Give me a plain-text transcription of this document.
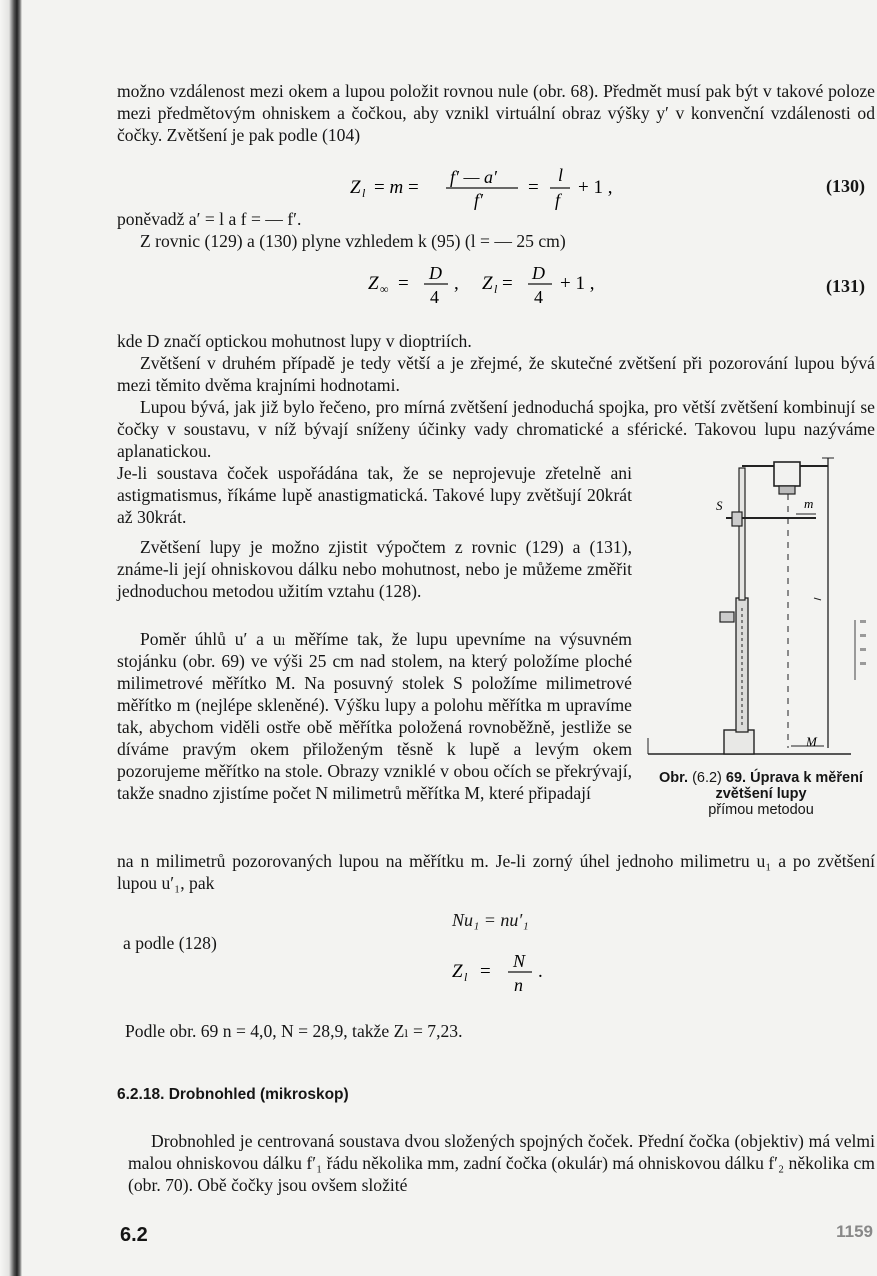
možno vzdálenost mezi okem a lupou položit rovnou nule (obr. 68). Předmět musí pak být v takové poloze mezi předmětovým ohniskem a čočkou, aby vznikl virtuální obraz výšky y′ v konvenční vzdálenosti od čočky. Zvětšení je pak podle (104)

Z l = m = f′ — a′
f′
=
l
f
+ 1 ,	(130)

poněvadž a′ = l a f = — f′.

Z rovnic (129) a (130) plyne vzhledem k (95) (l = — 25 cm)

Z ∞ = D
4
, Z l = D
4
+ 1 ,	(131)

kde D značí optickou mohutnost lupy v dioptriích.

Zvětšení v druhém případě je tedy větší a je zřejmé, že skutečné zvětšení při pozorování lupou bývá mezi těmito dvěma krajními hodnotami.

Lupou bývá, jak již bylo řečeno, pro mírná zvětšení jednoduchá spojka, pro větší zvětšení kombinují se čočky v soustavu, v níž bývají sníženy účinky vady chromatické a sférické. Takovou lupu nazýváme aplanatickou.

Je-li soustava čoček uspořádána tak, že se neprojevuje zřetelně ani astigmatismus, říkáme lupě anastigmatická. Takové lupy zvětšují 20krát až 30krát.

Zvětšení lupy je možno zjistit výpočtem z rovnic (129) a (131), známe-li její ohniskovou dálku nebo mohutnost, nebo je můžeme změřit jednoduchou metodou užitím vztahu (128).

Poměr úhlů u′ a uₗ měříme tak, že lupu upevníme na výsuvném stojánku (obr. 69) ve výši 25 cm nad stolem, na který položíme ploché milimetrové měřítko M. Na posuvný stolek S položíme milimetrové měřítko m (nejlépe skleněné). Výšku lupy a polohu měřítka m upravíme tak, abychom viděli ostře obě měřítka položená rovnoběžně, jestliže se díváme pravým okem přiloženým těsně k lupě a levým okem pozorujeme měřítko na stole. Obrazy vzniklé v obou očích se překrývají, takže snadno zjistíme počet N milimetrů měřítka M, které připadají

na n milimetrů pozorovaných lupou na měřítku m. Je-li zorný úhel jednoho milimetru u₁ a po zvětšení lupou u′₁, pak

Nu₁ = nu′₁

a podle (128)

Z l = N
n
.

Podle obr. 69 n = 4,0, N = 28,9, takže Zₗ = 7,23.

6.2.18. Drobnohled (mikroskop)

Drobnohled je centrovaná soustava dvou složených spojných čoček. Přední čočka (objektiv) má velmi malou ohniskovou dálku f′₁ řádu několika mm, zadní čočka (okulár) má ohniskovou dálku f′₂ několika cm (obr. 70). Obě čočky jsou ovšem složité

6.2	1159
S	m
M
Obr. (6.2) 69. Úprava k měření zvětšení lupy
přímou metodou
